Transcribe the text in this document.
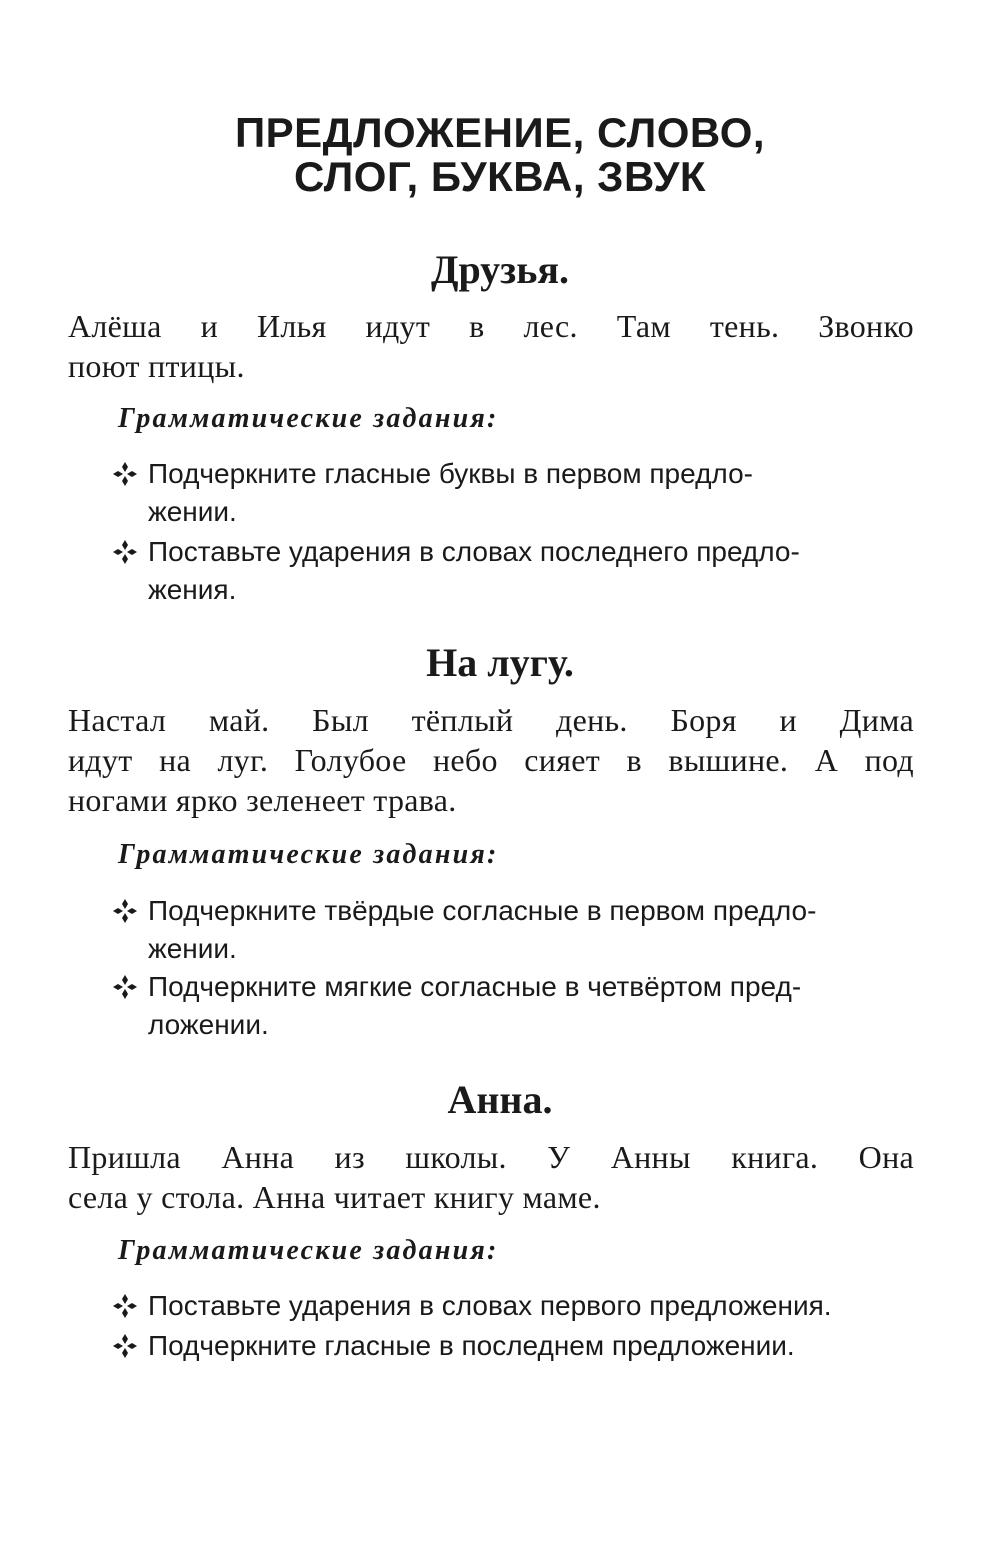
ПРЕДЛОЖЕНИЕ, СЛОВО,
СЛОГ, БУКВА, ЗВУК
Друзья.

Алёша и Илья идут в лес. Там тень. Звонко
поют птицы.

Грамматические задания:

Подчеркните гласные буквы в первом предло-
жении.
Поставьте ударения в словах последнего предло-
жения.
На лугу.

Настал май. Был тёплый день. Боря и Дима
идут на луг. Голубое небо сияет в вышине. А под
ногами ярко зеленеет трава.

Грамматические задания:

Подчеркните твёрдые согласные в первом предло-
жении.
Подчеркните мягкие согласные в четвёртом пред-
ложении.
Анна.

Пришла Анна из школы. У Анны книга. Она
села у стола. Анна читает книгу маме.

Грамматические задания:

Поставьте ударения в словах первого предложения.
Подчеркните гласные в последнем предложении.
